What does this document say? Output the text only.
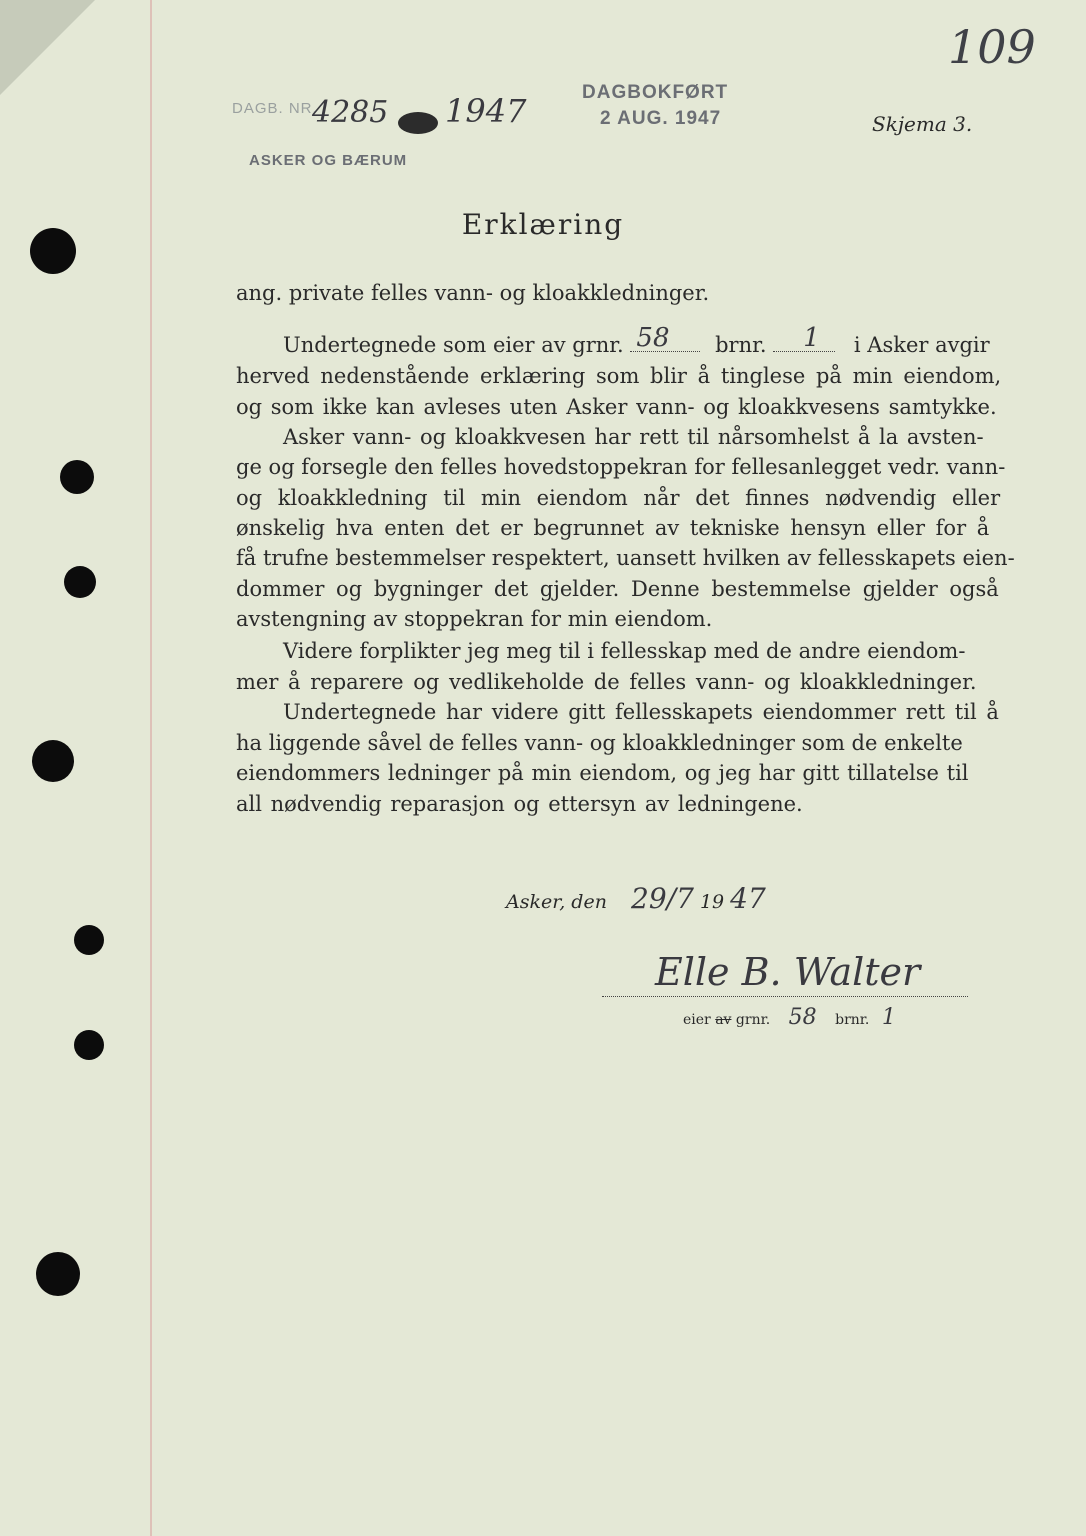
109
DAGB. NR.
4285 1947	DAGBOKFØRT
2 AUG. 1947
ASKER OG BÆRUM
Skjema 3.
Erklæring
ang. private felles vann- og kloakkledninger.
Undertegnede som eier av grnr. 58 brnr. 1 i Asker avgir
herved nedenstående erklæring som blir å tinglese på min eiendom,
og som ikke kan avleses uten Asker vann- og kloakkvesens samtykke.
Asker vann- og kloakkvesen har rett til nårsomhelst å la avsten-
ge og forsegle den felles hovedstoppekran for fellesanlegget vedr. vann-
og kloakkledning til min eiendom når det finnes nødvendig eller
ønskelig hva enten det er begrunnet av tekniske hensyn eller for å
få trufne bestemmelser respektert, uansett hvilken av fellesskapets eien-
dommer og bygninger det gjelder. Denne bestemmelse gjelder også
avstengning av stoppekran for min eiendom.
Videre forplikter jeg meg til i fellesskap med de andre eiendom-
mer å reparere og vedlikeholde de felles vann- og kloakkledninger.
Undertegnede har videre gitt fellesskapets eiendommer rett til å
ha liggende såvel de felles vann- og kloakkledninger som de enkelte
eiendommers ledninger på min eiendom, og jeg har gitt tillatelse til
all nødvendig reparasjon og ettersyn av ledningene.
Asker, den 29/7 19 47
Elle B. Walter
eier av grnr. 58 brnr. 1
